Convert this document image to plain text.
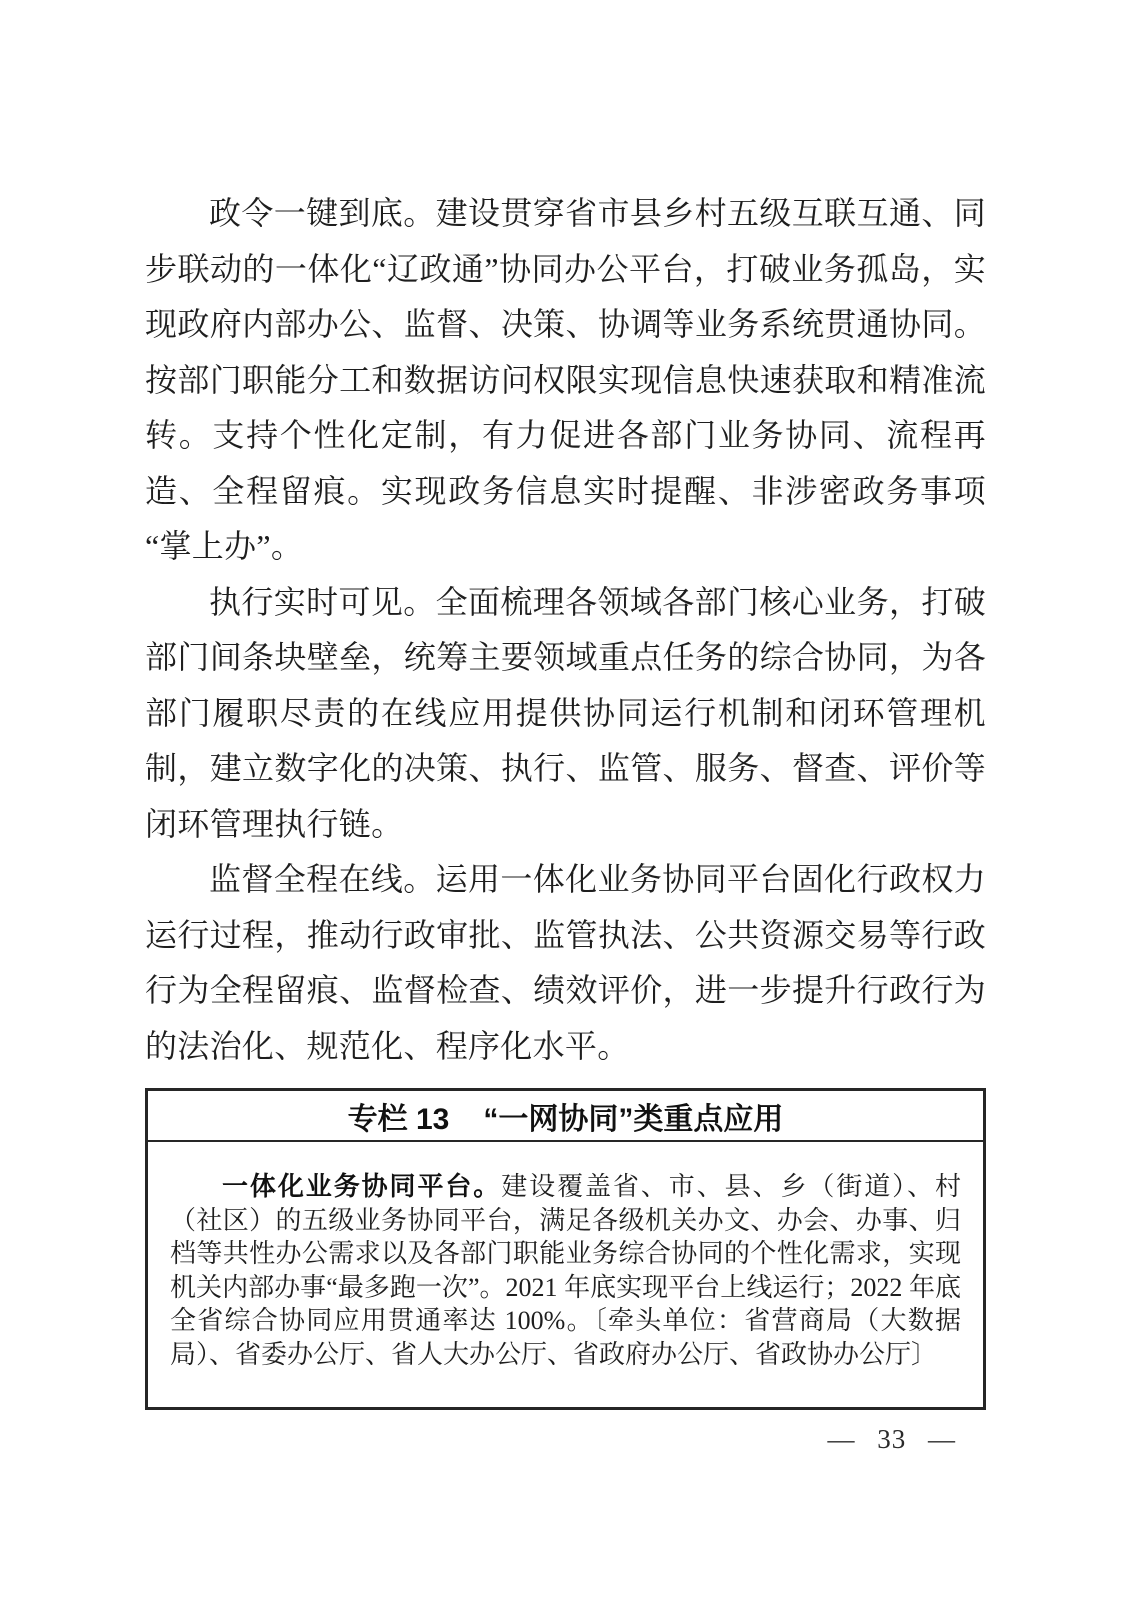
政令一键到底。建设贯穿省市县乡村五级互联互通、同步联动的一体化“辽政通”协同办公平台，打破业务孤岛，实现政府内部办公、监督、决策、协调等业务系统贯通协同。按部门职能分工和数据访问权限实现信息快速获取和精准流转。支持个性化定制，有力促进各部门业务协同、流程再造、全程留痕。实现政务信息实时提醒、非涉密政务事项“掌上办”。

执行实时可见。全面梳理各领域各部门核心业务，打破部门间条块壁垒，统筹主要领域重点任务的综合协同，为各部门履职尽责的在线应用提供协同运行机制和闭环管理机制，建立数字化的决策、执行、监管、服务、督查、评价等闭环管理执行链。

监督全程在线。运用一体化业务协同平台固化行政权力运行过程，推动行政审批、监管执法、公共资源交易等行政行为全程留痕、监督检查、绩效评价，进一步提升行政行为的法治化、规范化、程序化水平。

专栏 13 “一网协同”类重点应用

一体化业务协同平台。建设覆盖省、市、县、乡（街道）、村（社区）的五级业务协同平台，满足各级机关办文、办会、办事、归档等共性办公需求以及各部门职能业务综合协同的个性化需求，实现机关内部办事“最多跑一次”。2021 年底实现平台上线运行；2022 年底全省综合协同应用贯通率达 100%。〔牵头单位：省营商局（大数据局）、省委办公厅、省人大办公厅、省政府办公厅、省政协办公厅〕

— 33 —
